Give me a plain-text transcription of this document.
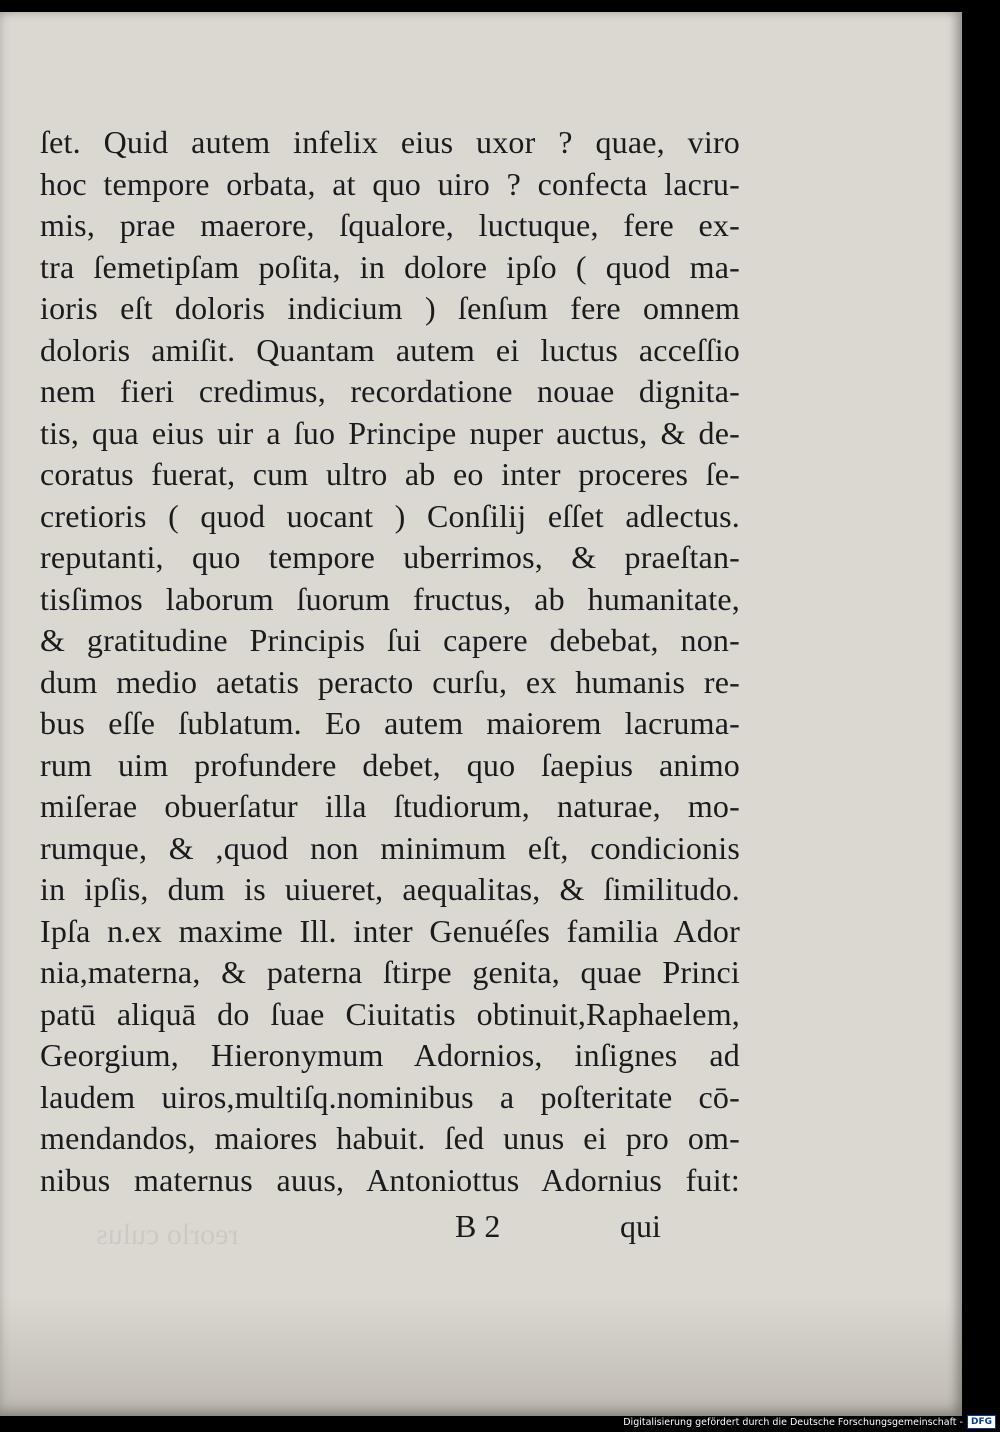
ſet. Quid autem infelix eius uxor ? quae, viro
hoc tempore orbata, at quo uiro ? confecta lacru-
mis, prae maerore, ſqualore, luctuque, fere ex-
tra ſemetipſam poſita, in dolore ipſo ( quod ma-
ioris eſt doloris indicium ) ſenſum fere omnem
doloris amiſit. Quantam autem ei luctus acceſſio
nem fieri credimus, recordatione nouae dignita-
tis, qua eius uir a ſuo Principe nuper auctus, & de-
coratus fuerat, cum ultro ab eo inter proceres ſe-
cretioris ( quod uocant ) Conſilij eſſet adlectus.
reputanti, quo tempore uberrimos, & praeſtan-
tisſimos laborum ſuorum fructus, ab humanitate,
& gratitudine Principis ſui capere debebat, non-
dum medio aetatis peracto curſu, ex humanis re-
bus eſſe ſublatum. Eo autem maiorem lacruma-
rum uim profundere debet, quo ſaepius animo
miſerae obuerſatur illa ſtudiorum, naturae, mo-
rumque, & ,quod non minimum eſt, condicionis
in ipſis, dum is uiueret, aequalitas, & ſimilitudo.
Ipſa n.ex maxime Ill. inter Genuéſes familia Ador
nia,materna, & paterna ſtirpe genita, quae Princi
patū aliquā do ſuae Ciuitatis obtinuit,Raphaelem,
Georgium, Hieronymum Adornios, inſignes ad
laudem uiros,multiſq.nominibus a poſteritate cō-
mendandos, maiores habuit. ſed unus ei pro om-
nibus maternus auus, Antoniottus Adornius fuit:
reorlo culus	B 2	qui
Digitalisierung gefördert durch die Deutsche Forschungsgemeinschaft - DFG
